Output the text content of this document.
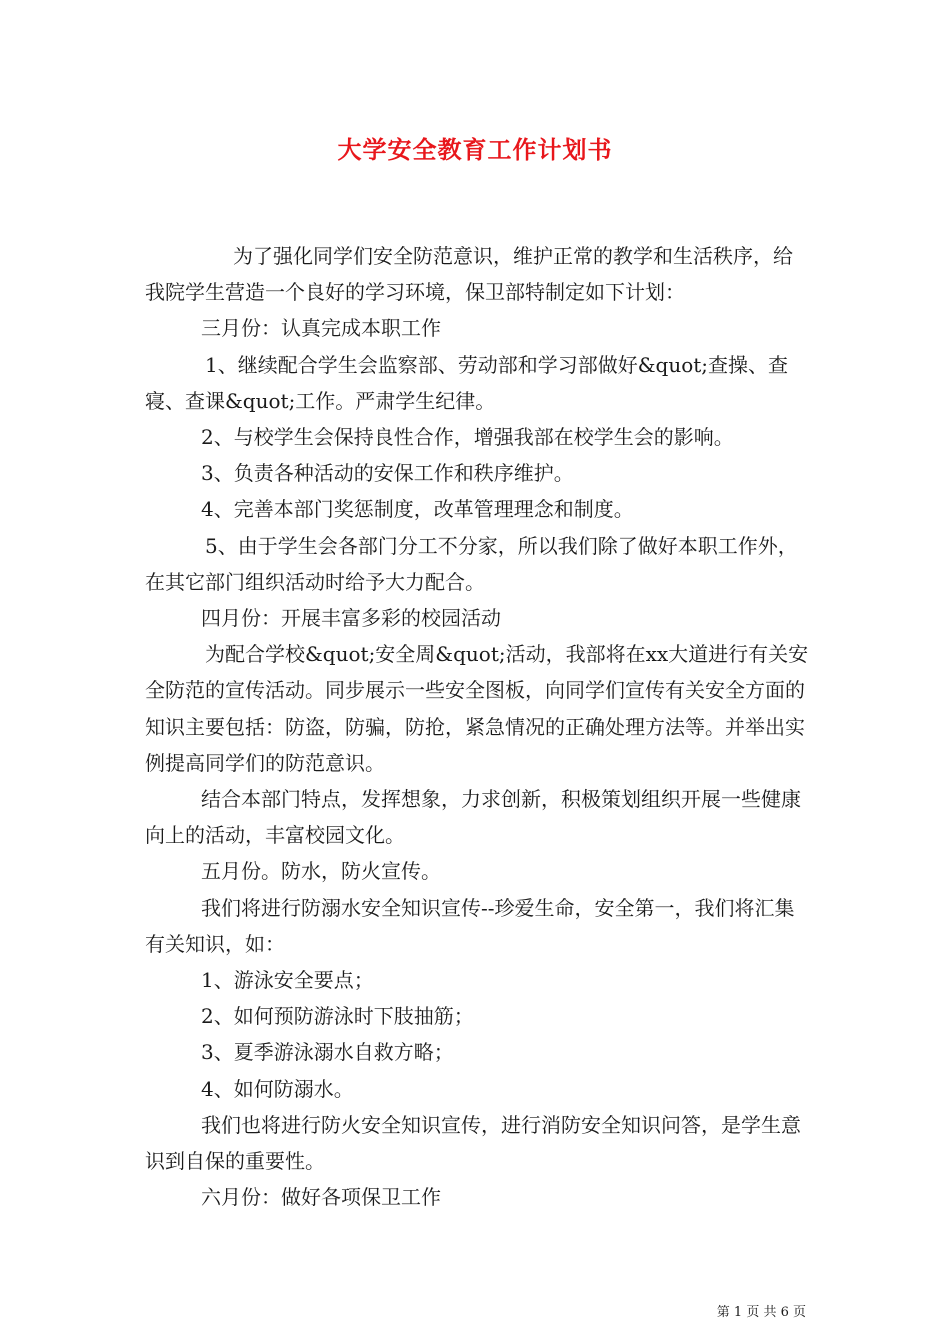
大学安全教育工作计划书

为了强化同学们安全防范意识，维护正常的教学和生活秩序，给我院学生营造一个良好的学习环境，保卫部特制定如下计划：

三月份：认真完成本职工作

1、继续配合学生会监察部、劳动部和学习部做好&quot;查操、查寝、查课&quot;工作。严肃学生纪律。

2、与校学生会保持良性合作，增强我部在校学生会的影响。

3、负责各种活动的安保工作和秩序维护。

4、完善本部门奖惩制度，改革管理理念和制度。

5、由于学生会各部门分工不分家，所以我们除了做好本职工作外，在其它部门组织活动时给予大力配合。

四月份：开展丰富多彩的校园活动

为配合学校&quot;安全周&quot;活动，我部将在xx大道进行有关安全防范的宣传活动。同步展示一些安全图板，向同学们宣传有关安全方面的知识主要包括：防盗，防骗，防抢，紧急情况的正确处理方法等。并举出实例提高同学们的防范意识。

结合本部门特点，发挥想象，力求创新，积极策划组织开展一些健康向上的活动，丰富校园文化。

五月份。防水，防火宣传。

我们将进行防溺水安全知识宣传--珍爱生命，安全第一，我们将汇集有关知识，如：

1、游泳安全要点；

2、如何预防游泳时下肢抽筋；

3、夏季游泳溺水自救方略；

4、如何防溺水。

我们也将进行防火安全知识宣传，进行消防安全知识问答，是学生意识到自保的重要性。

六月份：做好各项保卫工作

第 1 页 共 6 页
